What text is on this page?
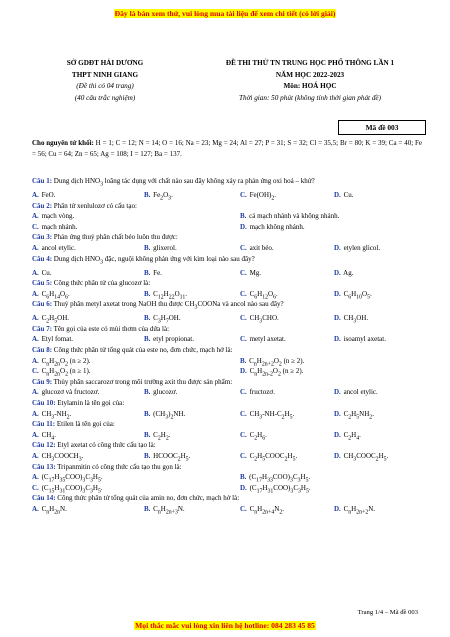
Đây là bản xem thử, vui lòng mua tài liệu để xem chi tiết (có lời giải)
SỞ GDĐT HẢI DƯƠNG
THPT NINH GIANG
(Đề thi có 04 trang)
(40 câu trắc nghiệm)
ĐỀ THI THỬ TN TRUNG HỌC PHỔ THÔNG LẦN 1
NĂM HỌC 2022-2023
Môn: HOÁ HỌC
Thời gian: 50 phút (không tính thời gian phát đề)
Mã đề 003
Cho nguyên tử khối: H = 1; C = 12; N = 14; O = 16; Na = 23; Mg = 24; Al = 27; P = 31; S = 32; Cl = 35,5; Br = 80; K = 39; Ca = 40; Fe = 56; Cu = 64; Zn = 65; Ag = 108; I = 127; Ba = 137.
Câu 1: Dung dịch $HNO_3$ loãng tác dụng với chất nào sau đây không xảy ra phản ứng oxi hoá – khử?
A. FeO.	B. $Fe_2O_3$.	C. $Fe(OH)_2$.	D. Cu.
Câu 2: Phân tử xenlulozơ có cấu tạo:
A. mạch vòng.	B. cả mạch nhánh và không nhánh.
C. mạch nhánh.	D. mạch không nhánh.
Câu 3: Phản ứng thuỷ phân chất béo luôn thu được:
A. ancol etylic.	B. glixerol.	C. axit béo.	D. etylen glicol.
Câu 4: Dung dịch $HNO_3$ đặc, nguội không phản ứng với kim loại nào sau đây?
A. Cu.	B. Fe.	C. Mg.	D. Ag.
Câu 5: Công thức phân tử của glucozơ là:
A. $C_6H_{14}O_6$.	B. $C_{12}H_{22}O_{11}$.	C. $C_6H_{12}O_6$.	D. $C_6H_{10}O_5$.
Câu 6: Thuỷ phân metyl axetat trong NaOH thu được $CH_3COONa$ và ancol nào sau đây?
A. $C_2H_5OH$.	B. $C_3H_7OH$.	C. $CH_3CHO$.	D. $CH_3OH$.
Câu 7: Tên gọi của este có mùi thơm của dứa là:
A. Etyl fomat.	B. etyl propionat.	C. metyl axetat.	D. isoamyl axetat.
Câu 8: Công thức phân tử tổng quát của este no, đơn chức, mạch hở là:
A. $C_nH_{2n}O_2$ (n ≥ 2).	B. $C_nH_{2n+2}O_2$ (n ≥ 2).
C. $C_nH_{2n}O_2$ (n ≥ 1).	D. $C_nH_{2n-2}O_2$ (n ≥ 2).
Câu 9: Thủy phân saccarozơ trong môi trường axit thu được sản phẩm:
A. glucozơ và fructozơ.	B. glucozơ.	C. fructozơ.	D. ancol etylic.
Câu 10: Etylamin là tên gọi của:
A. $CH_3-NH_2$.	B. $(CH_3)_2NH$.	C. $CH_3-NH-C_2H_5$.	D. $C_2H_5NH_2$.
Câu 11: Etilen là tên gọi của:
A. $CH_4$.	B. $C_2H_2$.	C. $C_2H_6$.	D. $C_2H_4$.
Câu 12: Etyl axetat có công thức cấu tạo là:
A. $CH_3COOCH_3$.	B. $HCOOC_2H_5$.	C. $C_2H_5COOC_2H_5$.	D. $CH_3COOC_2H_5$.
Câu 13: Tripanmitin có công thức cấu tạo thu gọn là:
A. $(C_{17}H_{35}COO)_3C_3H_5$.	B. $(C_{17}H_{33}COO)_3C_3H_5$.
C. $(C_{15}H_{31}COO)_3C_3H_5$.	D. $(C_{17}H_{31}COO)_3C_3H_5$.
Câu 14: Công thức phân tử tổng quát của amin no, đơn chức, mạch hở là:
A. $C_nH_{2n}N$.	B. $C_nH_{2n+3}N$.	C. $C_nH_{2n+4}N_2$.	D. $C_nH_{2n+2}N$.
Trang 1/4 – Mã đề 003
Mọi thắc mắc vui lòng xin liên hệ hotline: 084 283 45 85
